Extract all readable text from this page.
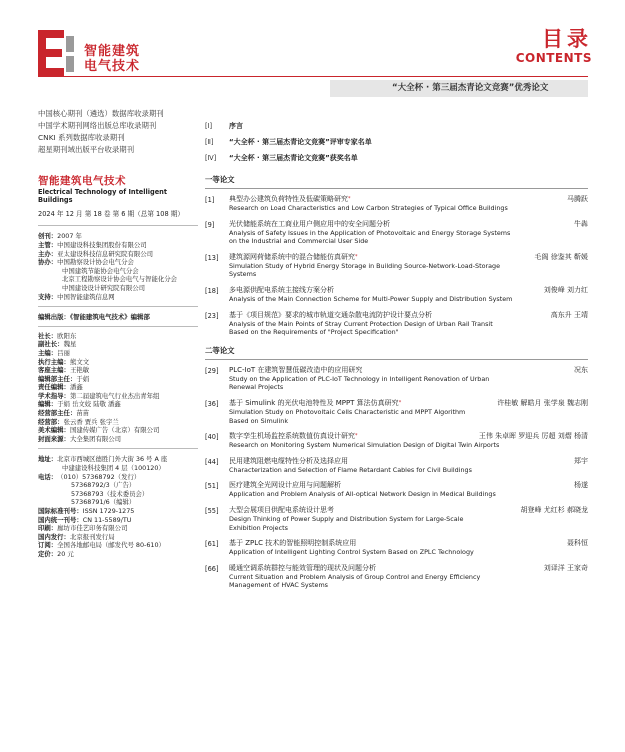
智能建筑
电气技术
目录
CONTENTS
“大全杯 · 第三届杰青论文竞赛”优秀论文
中国核心期刊（遴选）数据库收录期刊
中国学术期刊网络出版总库收录期刊
CNKI 系列数据库收录期刊
超星期刊域出版平台收录期刊
智能建筑电气技术
Electrical Technology of Intelligent Buildings
2024 年 12 月 第 18 卷 第 6 期（总第 108 期）
创刊： 2007 年
主管： 中国建设科技集团股份有限公司
主办： 亚太建设科技信息研究院有限公司
协办： 中国勘察设计协会电气分会
中国建筑节能协会电气分会
北京工程勘察设计协会电气与智能化分会
中国建设设计研究院有限公司
支持： 中国智能建筑信息网
编辑出版：《智能建筑电气技术》编辑部
社长： 欧阳东
副社长： 魏星
主编： 吕丽
执行主编： 熊文文
客座主编： 王艳敏
编辑部主任： 于娟
责任编辑： 潘鑫
学术指导： 第二届建筑电气行业杰出青年组
编辑： 于娟 岳文姣 陆敬 潘鑫
经营部主任： 苗苗
经营部： 张云香 贾兵 张宇兰
美术编辑： 国建传媒广告（北京）有限公司
封面来源： 大全集团有限公司
地址： 北京市西城区德胜门外大街 36 号 A 座
中建建设科技集团 4 层（100120）
电话： （010）57368792（发行）
57368792/3（广告）
57368793（技术委员会）
57368791/6（编辑）
国际标准刊号： ISSN 1729-1275
国内统一刊号： CN 11-5589/TU
印刷： 廊坊市佳艺印务有限公司
国内发行： 北京报刊发行局
订阅： 全国各地邮电局（邮发代号 80-610）
定价： 20 元
[Ⅰ]	序言
[Ⅱ]	“大全杯 · 第三届杰青论文竞赛”评审专家名单
[Ⅳ]	“大全杯 · 第三届杰青论文竞赛”获奖名单
一等论文
[1]	典型办公建筑负荷特性及低碳策略研究*	马腾跃
Research on Load Characteristics and Low Carbon Strategies of Typical Office Buildings
[9]	光伏储能系统在工商业用户侧应用中的安全问题分析	牛犇
Analysis of Safety Issues in the Application of Photovoltaic and Energy Storage Systems
on the Industrial and Commercial User Side
[13]	建筑源网荷储系统中的混合储能仿真研究*	毛阁 徐鉴其 靳媛
Simulation Study of Hybrid Energy Storage in Building Source-Network-Load-Storage
Systems
[18]	多电源供配电系统主接线方案分析	刘俊峰 刘力红
Analysis of the Main Connection Scheme for Multi-Power Supply and Distribution System
[23]	基于《项目规范》要求的城市轨道交通杂散电流防护设计要点分析	高东升 王靖
Analysis of the Main Points of Stray Current Protection Design of Urban Rail Transit
Based on the Requirements of "Project Specification"
二等论文
[29]	PLC-IoT 在建筑智慧低碳改造中的应用研究	况东
Study on the Application of PLC-IoT Technology in Intelligent Renovation of Urban
Renewal Projects
[36]	基于 Simulink 的光伏电池特性及 MPPT 算法仿真研究*	许桂敏 解皓月 张学泉 魏志刚
Simulation Study on Photovoltaic Cells Characteristic and MPPT Algorithm
Based on Simulink
[40]	数字孪生机场监控系统数值仿真设计研究*	王伟 朱卓晖 罗迎兵 厉超 刘熠 杨清
Research on Monitoring System Numerical Simulation Design of Digital Twin Airports
[44]	民用建筑阻燃电缆特性分析及选择应用	郑宇
Characterization and Selection of Flame Retardant Cables for Civil Buildings
[51]	医疗建筑全光网设计应用与问题解析	杨遂
Application and Problem Analysis of All-optical Network Design in Medical Buildings
[55]	大型会展项目供配电系统设计思考	胡登峰 尤红杉 郝晓龙
Design Thinking of Power Supply and Distribution System for Large-Scale
Exhibition Projects
[61]	基于 ZPLC 技术的智能照明控制系统应用	聂科恒
Application of Intelligent Lighting Control System Based on ZPLC Technology
[66]	暖通空调系统群控与能效管理的现状及问题分析	刘译洋 王家奇
Current Situation and Problem Analysis of Group Control and Energy Efficiency
Management of HVAC Systems
